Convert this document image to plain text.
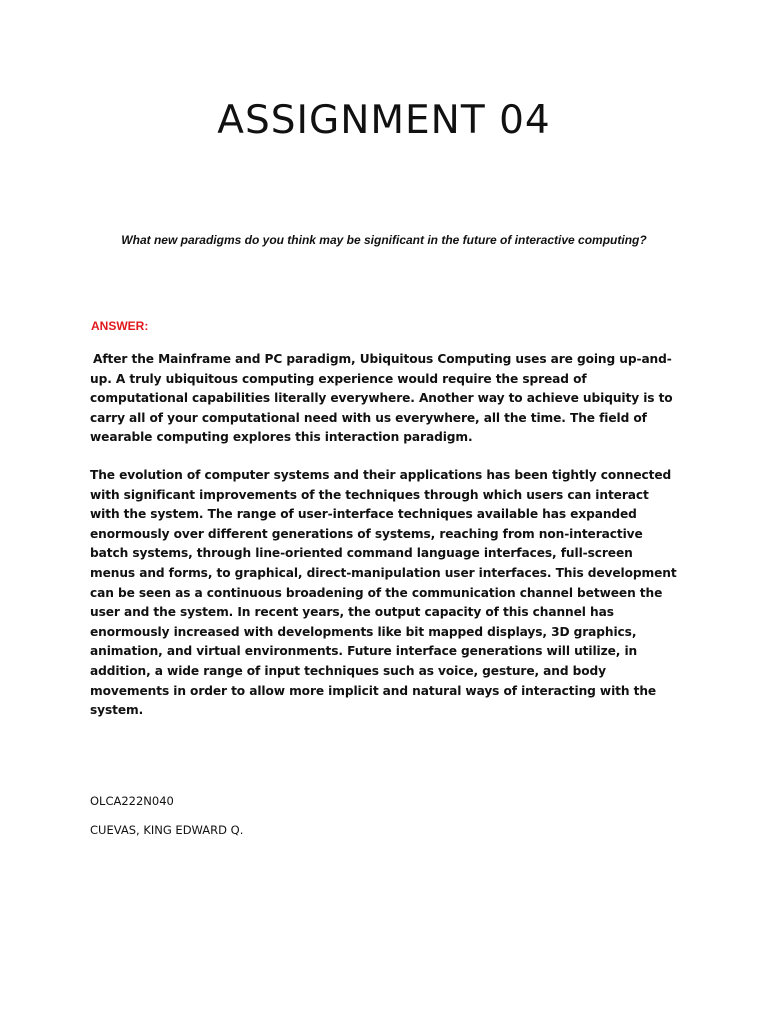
ASSIGNMENT 04

What new paradigms do you think may be significant in the future of interactive computing?

ANSWER:

After the Mainframe and PC paradigm, Ubiquitous Computing uses are going up-and-up. A truly ubiquitous computing experience would require the spread of computational capabilities literally everywhere. Another way to achieve ubiquity is to carry all of your computational need with us everywhere, all the time. The field of wearable computing explores this interaction paradigm.

The evolution of computer systems and their applications has been tightly connected with significant improvements of the techniques through which users can interact with the system. The range of user-interface techniques available has expanded enormously over different generations of systems, reaching from non-interactive batch systems, through line-oriented command language interfaces, full-screen menus and forms, to graphical, direct-manipulation user interfaces. This development can be seen as a continuous broadening of the communication channel between the user and the system. In recent years, the output capacity of this channel has enormously increased with developments like bit mapped displays, 3D graphics, animation, and virtual environments. Future interface generations will utilize, in addition, a wide range of input techniques such as voice, gesture, and body movements in order to allow more implicit and natural ways of interacting with the system.

OLCA222N040

CUEVAS, KING EDWARD Q.
